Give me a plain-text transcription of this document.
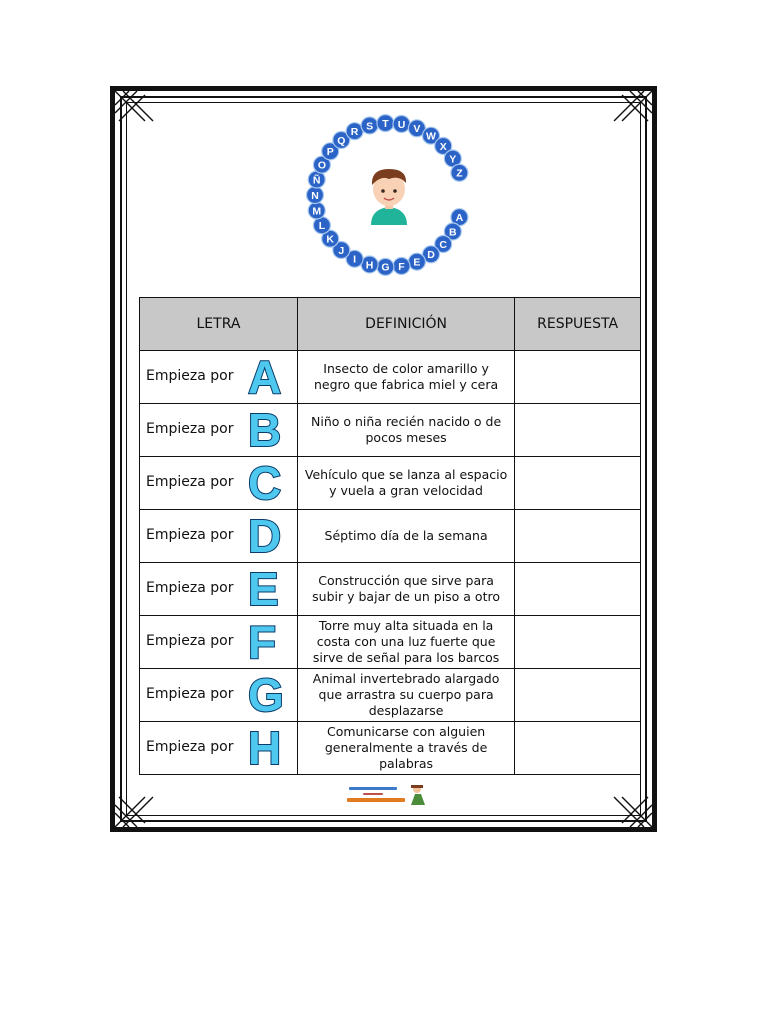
A
B
C
D
E
F
G
H
I
J
K
L
M
N
Ñ
O
P
Q
R S T U V
W
X
Y
Z
LETRA	DEFINICIÓN	RESPUESTA

Empieza por A	Insecto de color amarillo y negro que fabrica miel y cera	

Empieza por B	Niño o niña recién nacido o de pocos meses	

Empieza por C	Vehículo que se lanza al espacio y vuela a gran velocidad	

Empieza por D	Séptimo día de la semana	

Empieza por E	Construcción que sirve para subir y bajar de un piso a otro	

Empieza por F	Torre muy alta situada en la costa con una luz fuerte que sirve de señal para los barcos	

Empieza por G	Animal invertebrado alargado que arrastra su cuerpo para desplazarse	

Empieza por H	Comunicarse con alguien generalmente a través de palabras	
